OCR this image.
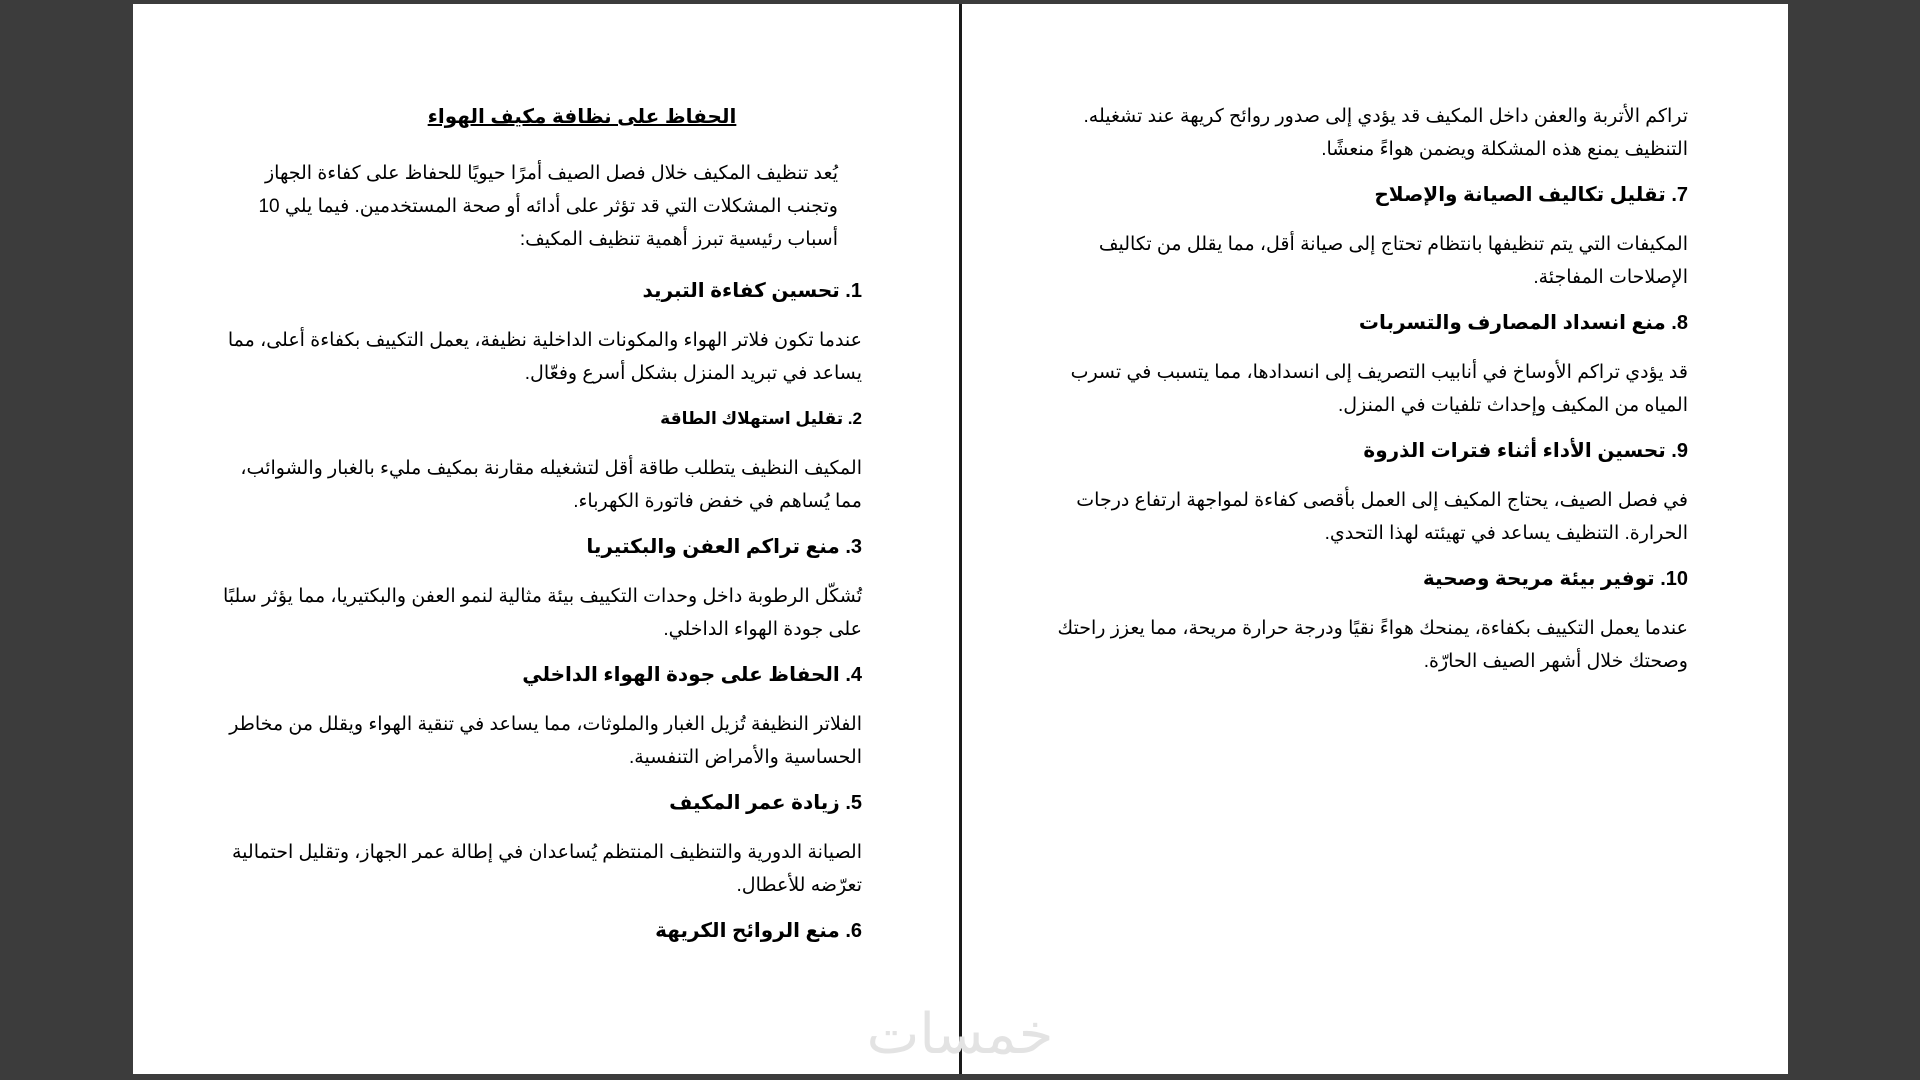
الحفاظ على نظافة مكيف الهواء
يُعد تنظيف المكيف خلال فصل الصيف أمرًا حيويًا للحفاظ على كفاءة الجهاز وتجنب المشكلات التي قد تؤثر على أدائه أو صحة المستخدمين. فيما يلي 10 أسباب رئيسية تبرز أهمية تنظيف المكيف:
1. تحسين كفاءة التبريد
عندما تكون فلاتر الهواء والمكونات الداخلية نظيفة، يعمل التكييف بكفاءة أعلى، مما يساعد في تبريد المنزل بشكل أسرع وفعّال.
2. تقليل استهلاك الطاقة
المكيف النظيف يتطلب طاقة أقل لتشغيله مقارنة بمكيف مليء بالغبار والشوائب، مما يُساهم في خفض فاتورة الكهرباء.
3. منع تراكم العفن والبكتيريا
تُشكّل الرطوبة داخل وحدات التكييف بيئة مثالية لنمو العفن والبكتيريا، مما يؤثر سلبًا على جودة الهواء الداخلي.
4. الحفاظ على جودة الهواء الداخلي
الفلاتر النظيفة تُزيل الغبار والملوثات، مما يساعد في تنقية الهواء ويقلل من مخاطر الحساسية والأمراض التنفسية.
5. زيادة عمر المكيف
الصيانة الدورية والتنظيف المنتظم يُساعدان في إطالة عمر الجهاز، وتقليل احتمالية تعرّضه للأعطال.
6. منع الروائح الكريهة
تراكم الأتربة والعفن داخل المكيف قد يؤدي إلى صدور روائح كريهة عند تشغيله. التنظيف يمنع هذه المشكلة ويضمن هواءً منعشًا.
7. تقليل تكاليف الصيانة والإصلاح
المكيفات التي يتم تنظيفها بانتظام تحتاج إلى صيانة أقل، مما يقلل من تكاليف الإصلاحات المفاجئة.
8. منع انسداد المصارف والتسربات
قد يؤدي تراكم الأوساخ في أنابيب التصريف إلى انسدادها، مما يتسبب في تسرب المياه من المكيف وإحداث تلفيات في المنزل.
9. تحسين الأداء أثناء فترات الذروة
في فصل الصيف، يحتاج المكيف إلى العمل بأقصى كفاءة لمواجهة ارتفاع درجات الحرارة. التنظيف يساعد في تهيئته لهذا التحدي.
10. توفير بيئة مريحة وصحية
عندما يعمل التكييف بكفاءة، يمنحك هواءً نقيًا ودرجة حرارة مريحة، مما يعزز راحتك وصحتك خلال أشهر الصيف الحارّة.
خمسات
